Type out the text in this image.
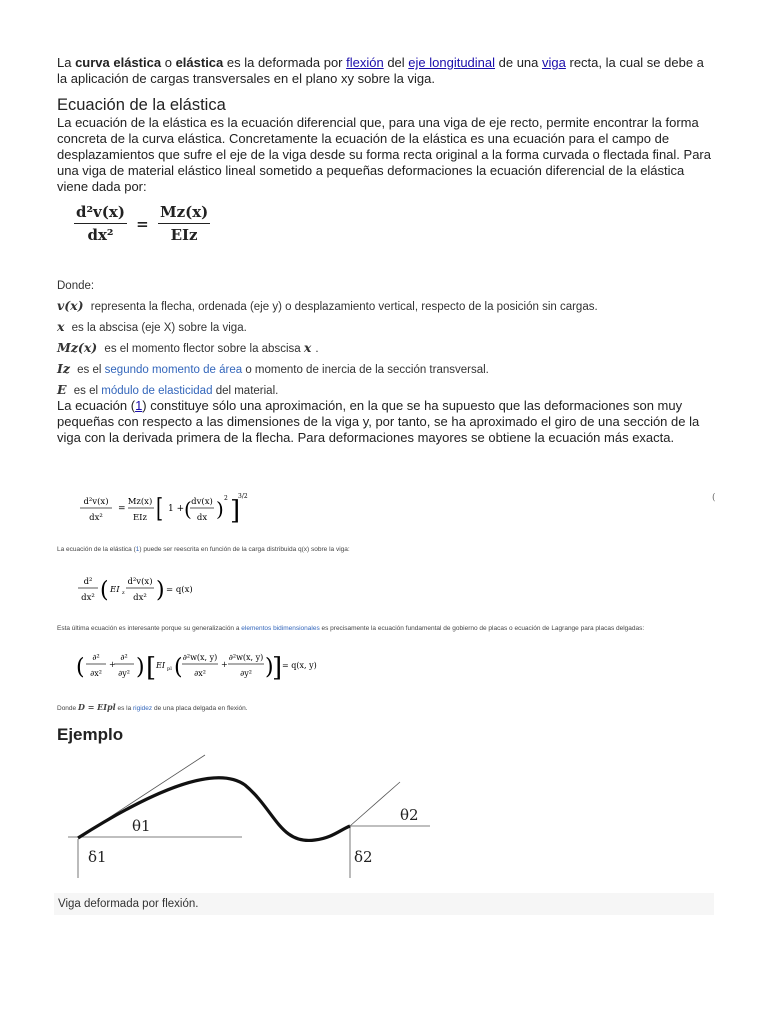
La curva elástica o elástica es la deformada por flexión del eje longitudinal de una viga recta, la cual se debe a la aplicación de cargas transversales en el plano xy sobre la viga.
Ecuación de la elástica
La ecuación de la elástica es la ecuación diferencial que, para una viga de eje recto, permite encontrar la forma concreta de la curva elástica. Concretamente la ecuación de la elástica es una ecuación para el campo de desplazamientos que sufre el eje de la viga desde su forma recta original a la forma curvada o flectada final. Para una viga de material elástico lineal sometido a pequeñas deformaciones la ecuación diferencial de la elástica viene dada por:
$\frac{\text{d²v(x)}}{\text{dx²}} = \frac{Mz(x)}{\text{EIz}}$
Donde:
v(x) representa la flecha, ordenada (eje y) o desplazamiento vertical, respecto de la posición sin cargas.
x es la abscisa (eje X) sobre la viga.
Mz(x) es el momento flector sobre la abscisa x .
Iz es el segundo momento de área o momento de inercia de la sección transversal.
E es el módulo de elasticidad del material.
La ecuación (1) constituye sólo una aproximación, en la que se ha supuesto que las deformaciones son muy pequeñas con respecto a las dimensiones de la viga y, por tanto, se ha aproximado el giro de una sección de la viga con la derivada primera de la flecha. Para deformaciones mayores se obtiene la ecuación más exacta.
d²v(x)
dx²
=
Mz(x)
EIz [ 1 + ( dv(x)
dx ) 2 ]
3/2	(
La ecuación de la elástica (1) puede ser reescrita en función de la carga distribuida q(x) sobre la viga:
d²
dx² ( EI z
d²v(x)
dx² ) = q(x)
Esta última ecuación es interesante porque su generalización a elementos bidimensionales es precisamente la ecuación fundamental de gobierno de placas o ecuación de Lagrange para placas delgadas:
( ∂²
∂x²
+
∂²
∂y² ) [ EI pl ( ∂²w(x, y)
∂x²
+
∂²w(x, y)
∂y² )
] = q(x, y)
Donde D = EIpl es la rigidez de una placa delgada en flexión.
Ejemplo
θ1
θ2
δ1	δ2
Viga deformada por flexión.
